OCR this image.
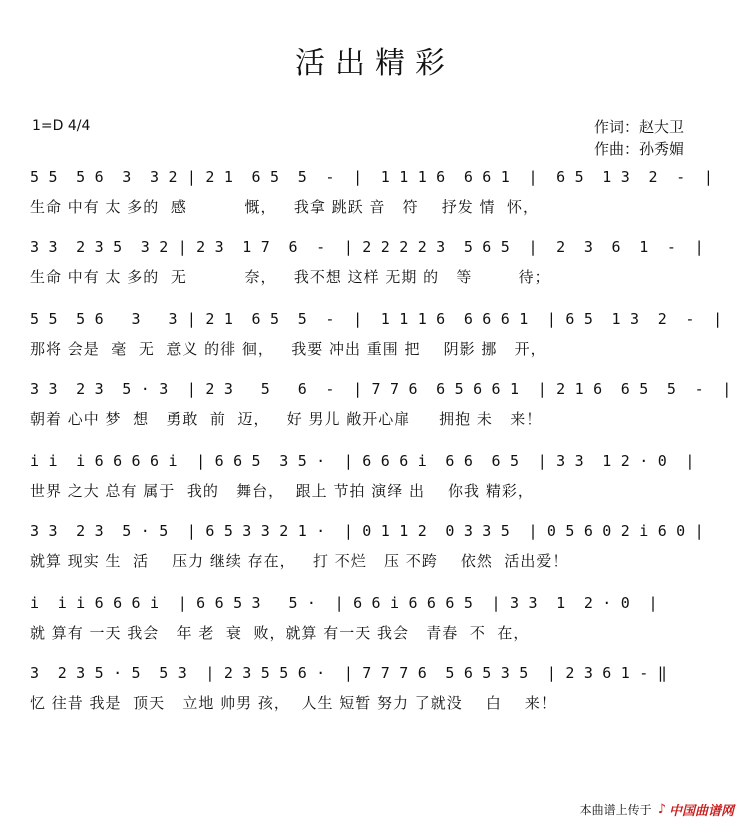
活出精彩
1=D 4/4	作词：赵大卫
作曲：孙秀媚
5 5  5 6  3  3 2 | 2 1  6 5  5  -  |  1 1 1 6  6 6 1  |  6 5  1 3  2  -  |
生命 中有 太 多的  感          慨，   我拿 跳跃 音   符    抒发 情  怀，
3 3  2 3 5  3 2 | 2 3  1 7  6  -  | 2 2 2 2 3  5 6 5  |  2  3  6  1  -  |
生命 中有 太 多的  无          奈，   我不想 这样 无期 的   等        待；
5 5  5 6   3   3 | 2 1  6 5  5  -  |  1 1 1 6  6 6 6 1  | 6 5  1 3  2  -  |
那将 会是  毫  无  意义 的徘 徊，   我要 冲出 重围 把    阴影 挪   开，
3 3  2 3  5 · 3  | 2 3   5   6  -  | 7 7 6  6 5 6 6 1  | 2 1 6  6 5  5  -  |
朝着 心中 梦  想   勇敢  前  迈，   好 男儿 敞开心扉     拥抱 未   来！
i i  i 6 6 6 6 i  | 6 6 5  3 5 ·  | 6 6 6 i  6 6  6 5  | 3 3  1 2 · 0  |
世界 之大 总有 属于  我的   舞台，  跟上 节拍 演绎 出    你我 精彩，
3 3  2 3  5 · 5  | 6 5 3 3 2 1 ·  | 0 1 1 2  0 3 3 5  | 0 5 6 0 2 i 6 0 |
就算 现实 生  活    压力 继续 存在，   打 不烂   压 不跨    依然  活出爱！
i  i i 6 6 6 i  | 6 6 5 3   5 ·  | 6 6 i 6 6 6 5  | 3 3  1  2 · 0  |
就 算有 一天 我会   年 老  衰  败，就算 有一天 我会   青春  不  在，
3  2 3 5 · 5  5 3  | 2 3 5 5 6 ·  | 7 7 7 6  5 6 5 3 5  | 2 3 6 1 - ‖
忆 往昔 我是  顶天   立地 帅男 孩，  人生 短暂 努力 了就没    白    来！
本曲谱上传于 ♪ 中国曲谱网
